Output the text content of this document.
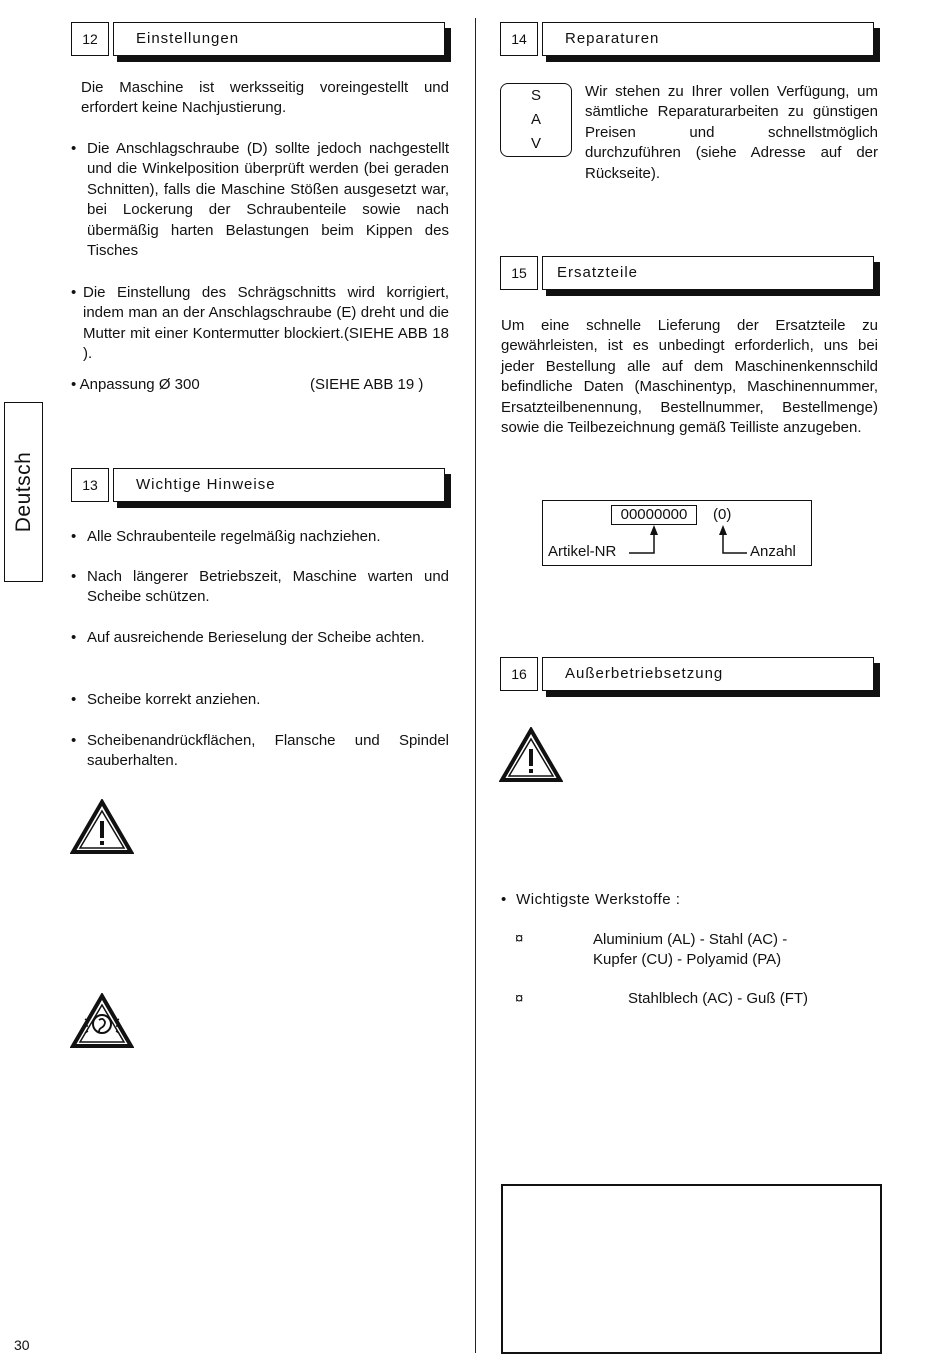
Deutsch
12	Einstellungen
Die Maschine ist werksseitig voreingestellt und erfordert keine Nachjustierung.
• Die Anschlagschraube (D) sollte jedoch nachgestellt und die Winkelposition überprüft werden (bei geraden Schnitten), falls die Maschine Stößen ausgesetzt war, bei Lockerung der Schraubenteile sowie nach übermäßig harten Belastungen beim Kippen des Tisches
• Die Einstellung des Schrägschnitts wird korrigiert, indem man an der Anschlagschraube (E) dreht und die Mutter mit einer Kontermutter blockiert.(SIEHE ABB 18 ).
• Anpassung Ø 300	(SIEHE ABB 19 )
13	Wichtige Hinweise
• Alle Schraubenteile regelmäßig nachziehen.
• Nach längerer Betriebszeit, Maschine warten und Scheibe schützen.
• Auf ausreichende Berieselung der Scheibe achten.
• Scheibe korrekt anziehen.
• Scheibenandrückflächen, Flansche und Spindel sauberhalten.
14	Reparaturen
S
A
V
Wir stehen zu Ihrer vollen Verfügung, um sämtliche Reparaturarbeiten zu günstigen Preisen und schnellstmöglich durchzuführen (siehe Adresse auf der Rückseite).
15	Ersatzteile
Um eine schnelle Lieferung der Ersatzteile zu gewährleisten, ist es unbedingt erforderlich, uns bei jeder Bestellung alle auf dem Maschinenkennschild befindliche Daten (Maschinentyp, Maschinennummer, Ersatzteilbenennung, Bestellnummer, Bestellmenge) sowie die Teilbezeichnung gemäß Teilliste anzugeben.
00000000	(0)
Artikel-NR	Anzahl
16	Außerbetriebsetzung
•  Wichtigste Werkstoffe :
¤	Aluminium (AL) - Stahl (AC) -
Kupfer (CU) - Polyamid (PA)
¤	Stahlblech (AC) - Guß (FT)
30
